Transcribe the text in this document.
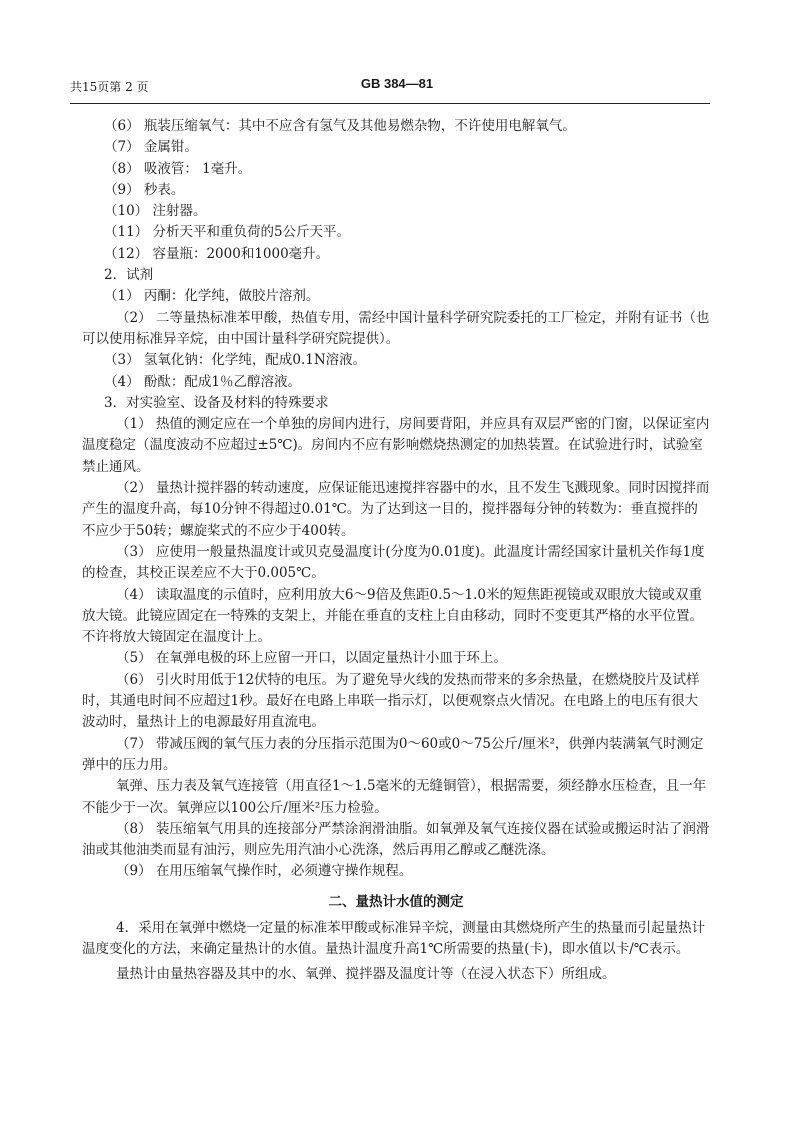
共15页第 2 页	GB 384—81

（6） 瓶装压缩氧气：其中不应含有氢气及其他易燃杂物，不许使用电解氧气。

（7） 金属钳。

（8） 吸液管： 1毫升。

（9） 秒表。

（10） 注射器。

（11） 分析天平和重负荷的5公斤天平。

（12） 容量瓶：2000和1000毫升。

2．试剂

（1） 丙酮：化学纯，做胶片溶剂。

（2） 二等量热标准苯甲酸，热值专用，需经中国计量科学研究院委托的工厂检定，并附有证书（也可以使用标准异辛烷，由中国计量科学研究院提供）。

（3） 氢氧化钠：化学纯，配成0.1N溶液。

（4） 酚酞：配成1％乙醇溶液。

3．对实验室、设备及材料的特殊要求

（1） 热值的测定应在一个单独的房间内进行，房间要背阳，并应具有双层严密的门窗，以保证室内温度稳定（温度波动不应超过±5℃)。房间内不应有影响燃烧热测定的加热装置。在试验进行时，试验室禁止通风。

（2） 量热计搅拌器的转动速度，应保证能迅速搅拌容器中的水，且不发生飞溅现象。同时因搅拌而产生的温度升高，每10分钟不得超过0.01℃。为了达到这一目的，搅拌器每分钟的转数为：垂直搅拌的不应少于50转；螺旋桨式的不应少于400转。

（3） 应使用一般量热温度计或贝克曼温度计(分度为0.01度)。此温度计需经国家计量机关作每1度的检查，其校正误差应不大于0.005℃。

（4） 读取温度的示值时，应利用放大6～9倍及焦距0.5～1.0米的短焦距视镜或双眼放大镜或双重放大镜。此镜应固定在一特殊的支架上，并能在垂直的支柱上自由移动，同时不变更其严格的水平位置。不许将放大镜固定在温度计上。

（5） 在氧弹电极的环上应留一开口，以固定量热计小皿于环上。

（6） 引火时用低于12伏特的电压。为了避免导火线的发热而带来的多余热量，在燃烧胶片及试样时，其通电时间不应超过1秒。最好在电路上串联一指示灯，以便观察点火情况。在电路上的电压有很大波动时，量热计上的电源最好用直流电。

（7） 带减压阀的氧气压力表的分压指示范围为0～60或0～75公斤/厘米²，供弹内装满氧气时测定弹中的压力用。

氧弹、压力表及氧气连接管（用直径1～1.5毫米的无缝铜管），根据需要，须经静水压检查，且一年不能少于一次。氧弹应以100公斤/厘米²压力检验。

（8） 装压缩氧气用具的连接部分严禁涂润滑油脂。如氧弹及氧气连接仪器在试验或搬运时沾了润滑油或其他油类而显有油污，则应先用汽油小心洗涤，然后再用乙醇或乙醚洗涤。

（9） 在用压缩氧气操作时，必须遵守操作规程。

二、量热计水值的测定

4．采用在氧弹中燃烧一定量的标准苯甲酸或标准异辛烷，测量由其燃烧所产生的热量而引起量热计温度变化的方法，来确定量热计的水值。量热计温度升高1℃所需要的热量(卡)，即水值以卡/℃表示。

量热计由量热容器及其中的水、氧弹、搅拌器及温度计等（在浸入状态下）所组成。
